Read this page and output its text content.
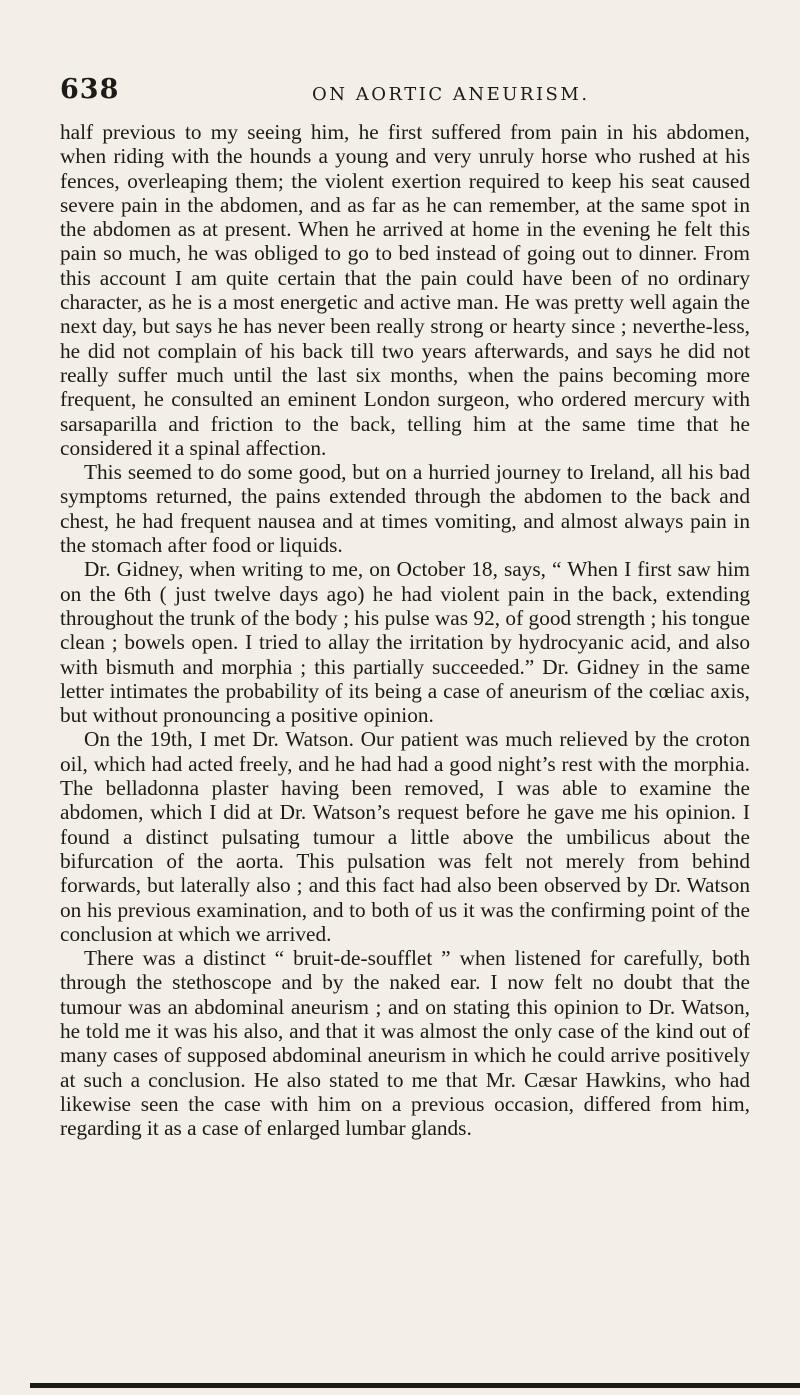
638	ON AORTIC ANEURISM.

half previous to my seeing him, he first suffered from pain in his abdomen, when riding with the hounds a young and very unruly horse who rushed at his fences, overleaping them; the violent exertion required to keep his seat caused severe pain in the abdomen, and as far as he can remember, at the same spot in the abdomen as at present. When he arrived at home in the evening he felt this pain so much, he was obliged to go to bed instead of going out to dinner. From this account I am quite certain that the pain could have been of no ordinary character, as he is a most energetic and active man. He was pretty well again the next day, but says he has never been really strong or hearty since ; neverthe-less, he did not complain of his back till two years afterwards, and says he did not really suffer much until the last six months, when the pains becoming more frequent, he consulted an eminent London surgeon, who ordered mercury with sarsaparilla and friction to the back, telling him at the same time that he considered it a spinal affection.

This seemed to do some good, but on a hurried journey to Ireland, all his bad symptoms returned, the pains extended through the abdomen to the back and chest, he had frequent nausea and at times vomiting, and almost always pain in the stomach after food or liquids.

Dr. Gidney, when writing to me, on October 18, says, “ When I first saw him on the 6th ( just twelve days ago) he had violent pain in the back, extending throughout the trunk of the body ; his pulse was 92, of good strength ; his tongue clean ; bowels open. I tried to allay the irritation by hydrocyanic acid, and also with bismuth and morphia ; this partially succeeded.” Dr. Gidney in the same letter intimates the probability of its being a case of aneurism of the cœliac axis, but without pronouncing a positive opinion.

On the 19th, I met Dr. Watson. Our patient was much relieved by the croton oil, which had acted freely, and he had had a good night’s rest with the morphia. The belladonna plaster having been removed, I was able to examine the abdomen, which I did at Dr. Watson’s request before he gave me his opinion. I found a distinct pulsating tumour a little above the umbilicus about the bifurcation of the aorta. This pulsation was felt not merely from behind forwards, but laterally also ; and this fact had also been observed by Dr. Watson on his previous examination, and to both of us it was the confirming point of the conclusion at which we arrived.

There was a distinct “ bruit-de-soufflet ” when listened for carefully, both through the stethoscope and by the naked ear. I now felt no doubt that the tumour was an abdominal aneurism ; and on stating this opinion to Dr. Watson, he told me it was his also, and that it was almost the only case of the kind out of many cases of supposed abdominal aneurism in which he could arrive positively at such a conclusion. He also stated to me that Mr. Cæsar Hawkins, who had likewise seen the case with him on a previous occasion, differed from him, regarding it as a case of enlarged lumbar glands.
